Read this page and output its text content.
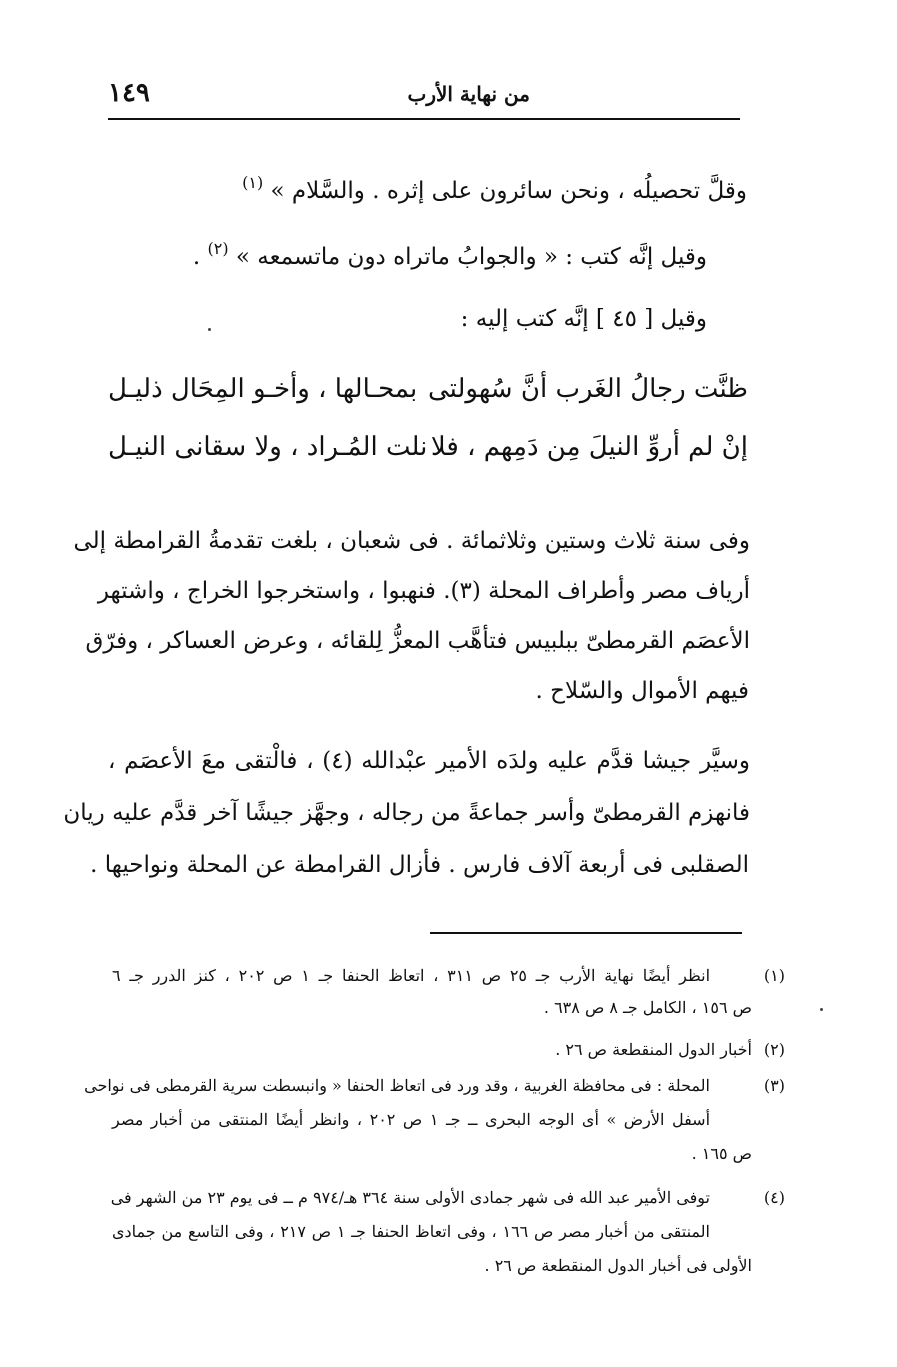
من نهاية الأرب
١٤٩
وقلَّ تحصيلُه ، ونحن سائرون على إثره . والسَّلام » $^{(١)}$
وقيل إنَّه كتب : « والجوابُ ماتراه دون ماتسمعه » $^{(٢)}$ .
وقيل [ ٤٥ ] إنَّه كتب إليه :
ظنَّت رجالُ الغَرب أنَّ سُهولتى
بمحـالها ، وأخـو المِحَال ذليـل
إنْ لم أروِّ النيلَ مِن دَمِهم ، فلا
نلت المُـراد ، ولا سقانى النيـل
وفى سنة ثلاث وستين وثلاثمائة . فى شعبان ، بلغت تقدمةُ القرامطة إلى
أرياف مصر وأطراف المحلة (٣). فنهبوا ، واستخرجوا الخراج ، واشتهر
الأعصَم القرمطىّ ببلبيس فتأهَّب المعزُّ لِلقائه ، وعرض العساكر ، وفرّق
فيهم الأموال والسّلاح .
وسيَّر جيشا قدَّم عليه ولدَه الأمير عبْدالله (٤) ، فالْتقى معَ الأعصَم ،
فانهزم القرمطىّ وأسر جماعةً من رجاله ، وجهَّز جيشًا آخر قدَّم عليه ريان
الصقلبى فى أربعة آلاف فارس . فأزال القرامطة عن المحلة ونواحيها .
(١)
انظر أيضًا نهاية الأرب جـ ٢٥ ص ٣١١ ، اتعاظ الحنفا جـ ١ ص ٢٠٢ ، كنز الدرر جـ ٦
ص ١٥٦ ، الكامل جـ ٨ ص ٦٣٨ .
(٢)
أخبار الدول المنقطعة ص ٢٦ .
(٣)
المحلة : فى محافظة الغربية ، وقد ورد فى اتعاظ الحنفا « وانبسطت سرية القرمطى فى نواحى
أسفل الأرض » أى الوجه البحرى ــ جـ ١ ص ٢٠٢ ، وانظر أيضًا المنتقى من أخبار مصر
ص ١٦٥ .
(٤)
توفى الأمير عبد الله فى شهر جمادى الأولى سنة ٣٦٤ هـ/٩٧٤ م ــ فى يوم ٢٣ من الشهر فى
المنتقى من أخبار مصر ص ١٦٦ ، وفى اتعاظ الحنفا جـ ١ ص ٢١٧ ، وفى التاسع من جمادى
الأولى فى أخبار الدول المنقطعة ص ٢٦ .
